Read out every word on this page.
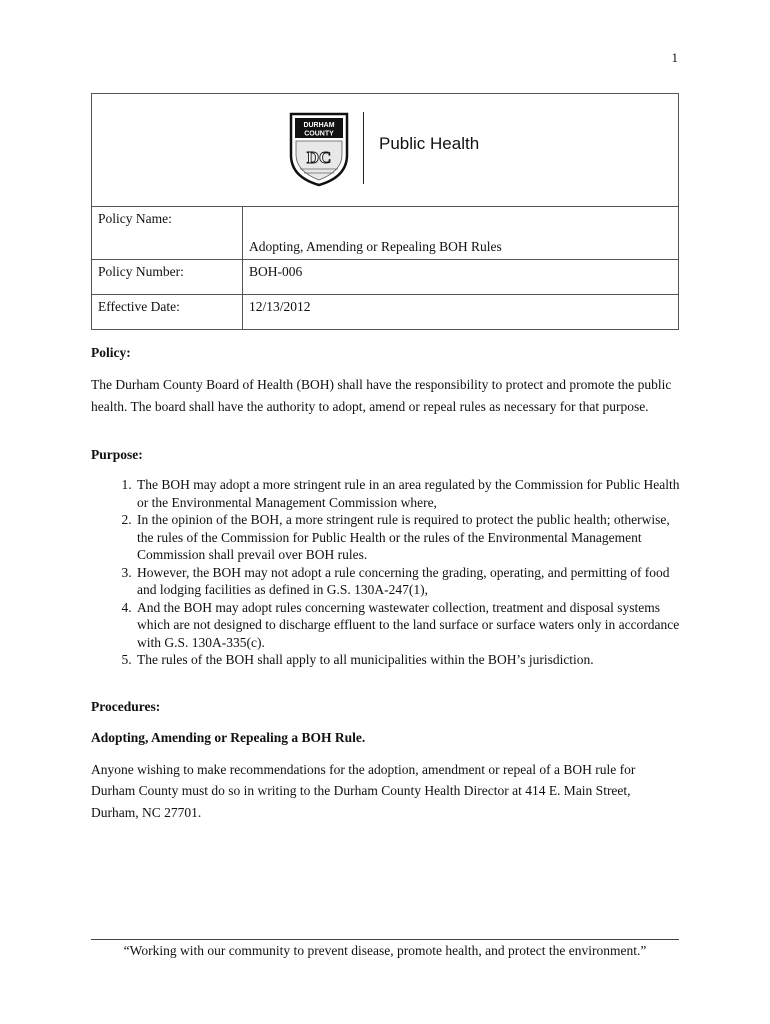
1
DURHAM
COUNTY
DC
Public Health	

Policy Name:	Adopting, Amending or Repealing BOH Rules
Policy Number:	BOH-006
Effective Date:	12/13/2012
Policy:

The Durham County Board of Health (BOH) shall have the responsibility to protect and promote the public health. The board shall have the authority to adopt, amend or repeal rules as necessary for that purpose.

Purpose:
1. The BOH may adopt a more stringent rule in an area regulated by the Commission for Public Health or the Environmental Management Commission where,
2. In the opinion of the BOH, a more stringent rule is required to protect the public health; otherwise, the rules of the Commission for Public Health or the rules of the Environmental Management Commission shall prevail over BOH rules.
3. However, the BOH may not adopt a rule concerning the grading, operating, and permitting of food and lodging facilities as defined in G.S. 130A-247(1),
4. And the BOH may adopt rules concerning wastewater collection, treatment and disposal systems which are not designed to discharge effluent to the land surface or surface waters only in accordance with G.S. 130A-335(c).
5. The rules of the BOH shall apply to all municipalities within the BOH’s jurisdiction.
Procedures:
Adopting, Amending or Repealing a BOH Rule.

Anyone wishing to make recommendations for the adoption, amendment or repeal of a BOH rule for Durham County must do so in writing to the Durham County Health Director at 414 E. Main Street, Durham, NC 27701.

“Working with our community to prevent disease, promote health, and protect the environment.”
